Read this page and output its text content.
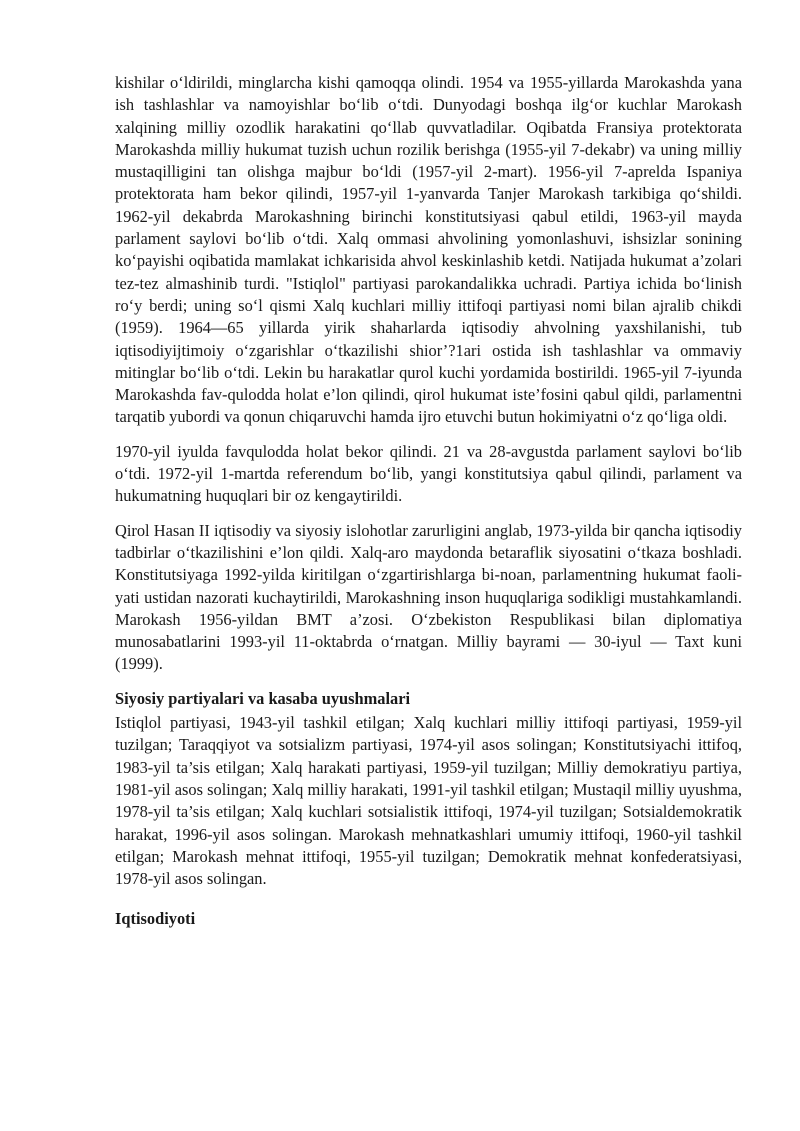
kishilar o‘ldirildi, minglarcha kishi qamoqqa olindi. 1954 va 1955-yillarda Marokashda yana ish tashlashlar va namoyishlar bo‘lib o‘tdi. Dunyodagi boshqa ilg‘or kuchlar Marokash xalqining milliy ozodlik harakatini qo‘llab quvvatladilar. Oqibatda Fransiya protektorata Marokashda milliy hukumat tuzish uchun rozilik berishga (1955-yil 7-dekabr) va uning milliy mustaqilligini tan olishga majbur bo‘ldi (1957-yil 2-mart). 1956-yil 7-aprelda Ispaniya protektorata ham bekor qilindi, 1957-yil 1-yanvarda Tanjer Marokash tarkibiga qo‘shildi. 1962-yil dekabrda Marokashning birinchi konstitutsiyasi qabul etildi, 1963-yil mayda parlament saylovi bo‘lib o‘tdi. Xalq ommasi ahvolining yomonlashuvi, ishsizlar sonining ko‘payishi oqibatida mamlakat ichkarisida ahvol keskinlashib ketdi. Natijada hukumat a’zolari tez-tez almashinib turdi. "Istiqlol" partiyasi parokandalikka uchradi. Partiya ichida bo‘linish ro‘y berdi; uning so‘l qismi Xalq kuchlari milliy ittifoqi partiyasi nomi bilan ajralib chikdi (1959). 1964—65 yillarda yirik shaharlarda iqtisodiy ahvolning yaxshilanishi, tub iqtisodiyijtimoiy o‘zgarishlar o‘tkazilishi shior’?1ari ostida ish tashlashlar va ommaviy mitinglar bo‘lib o‘tdi. Lekin bu harakatlar qurol kuchi yordamida bostirildi. 1965-yil 7-iyunda Marokashda fav-qulodda holat e’lon qilindi, qirol hukumat iste’fosini qabul qildi, parlamentni tarqatib yubordi va qonun chiqaruvchi hamda ijro etuvchi butun hokimiyatni o‘z qo‘liga oldi.

1970-yil iyulda favqulodda holat bekor qilindi. 21 va 28-avgustda parlament saylovi bo‘lib o‘tdi. 1972-yil 1-martda referendum bo‘lib, yangi konstitutsiya qabul qilindi, parlament va hukumatning huquqlari bir oz kengaytirildi.

Qirol Hasan II iqtisodiy va siyosiy islohotlar zarurligini anglab, 1973-yilda bir qancha iqtisodiy tadbirlar o‘tkazilishini e’lon qildi. Xalq-aro maydonda betaraflik siyosatini o‘tkaza boshladi. Konstitutsiyaga 1992-yilda kiritilgan o‘zgartirishlarga bi-noan, parlamentning hukumat faoli-yati ustidan nazorati kuchaytirildi, Marokashning inson huquqlariga sodikligi mustahkamlandi. Marokash 1956-yildan BMT a’zosi. O‘zbekiston Respublikasi bilan diplomatiya munosabatlarini 1993-yil 11-oktabrda o‘rnatgan. Milliy bayrami — 30-iyul — Taxt kuni (1999).

Siyosiy partiyalari va kasaba uyushmalari

Istiqlol partiyasi, 1943-yil tashkil etilgan; Xalq kuchlari milliy ittifoqi partiyasi, 1959-yil tuzilgan; Taraqqiyot va sotsializm partiyasi, 1974-yil asos solingan; Konstitutsiyachi ittifoq, 1983-yil ta’sis etilgan; Xalq harakati partiyasi, 1959-yil tuzilgan; Milliy demokratiyu partiya, 1981-yil asos solingan; Xalq milliy harakati, 1991-yil tashkil etilgan; Mustaqil milliy uyushma, 1978-yil ta’sis etilgan; Xalq kuchlari sotsialistik ittifoqi, 1974-yil tuzilgan; Sotsialdemokratik harakat, 1996-yil asos solingan. Marokash mehnatkashlari umumiy ittifoqi, 1960-yil tashkil etilgan; Marokash mehnat ittifoqi, 1955-yil tuzilgan; Demokratik mehnat konfederatsiyasi, 1978-yil asos solingan.

Iqtisodiyoti
